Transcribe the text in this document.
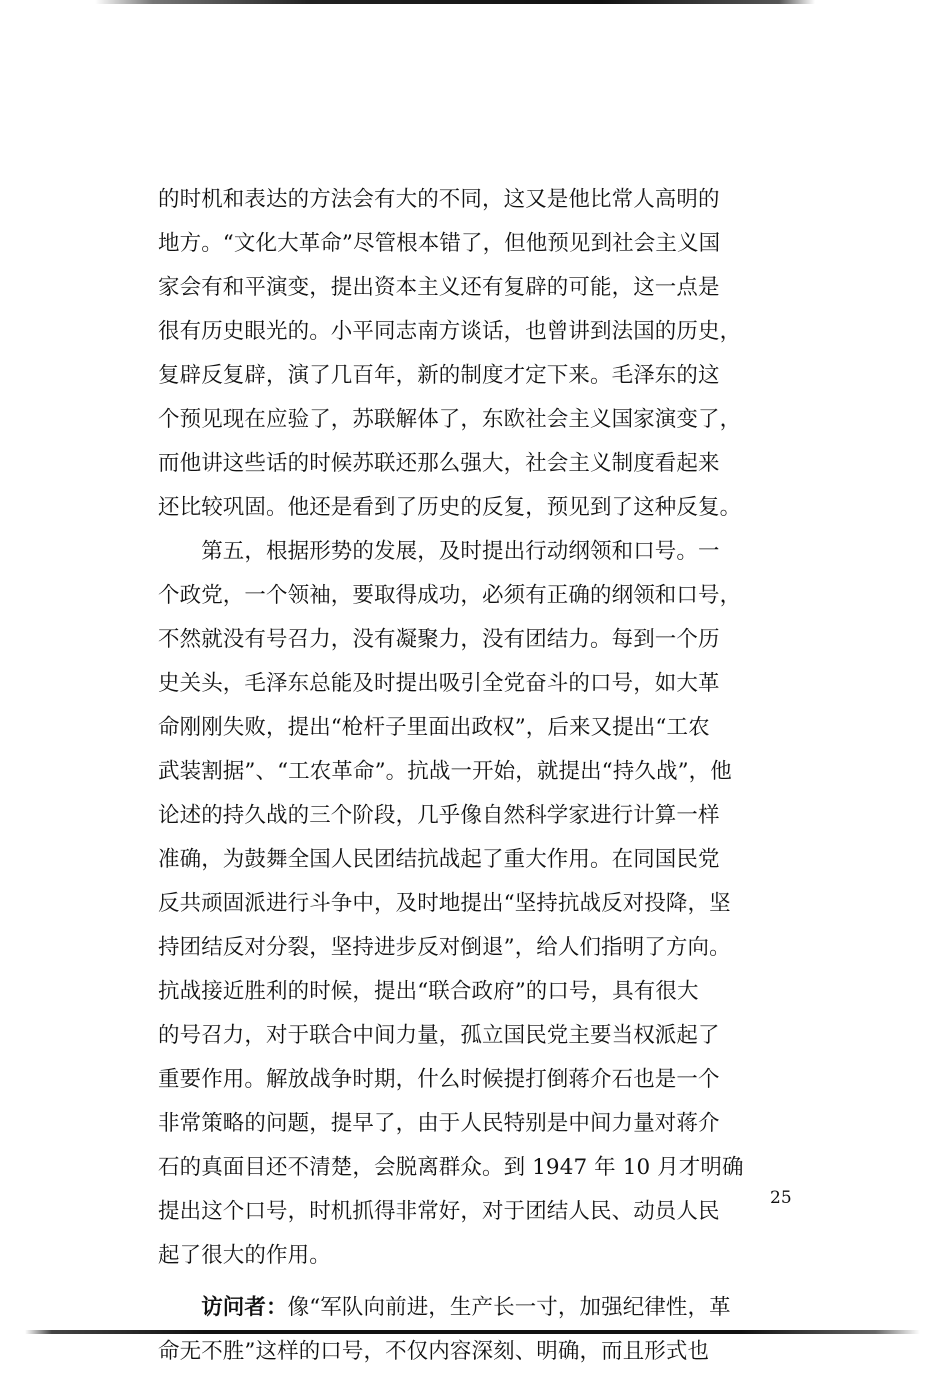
的时机和表达的方法会有大的不同，这又是他比常人高明的
地方。“文化大革命”尽管根本错了，但他预见到社会主义国
家会有和平演变，提出资本主义还有复辟的可能，这一点是
很有历史眼光的。小平同志南方谈话，也曾讲到法国的历史，
复辟反复辟，演了几百年，新的制度才定下来。毛泽东的这
个预见现在应验了，苏联解体了，东欧社会主义国家演变了，
而他讲这些话的时候苏联还那么强大，社会主义制度看起来
还比较巩固。他还是看到了历史的反复，预见到了这种反复。
　　第五，根据形势的发展，及时提出行动纲领和口号。一
个政党，一个领袖，要取得成功，必须有正确的纲领和口号，
不然就没有号召力，没有凝聚力，没有团结力。每到一个历
史关头，毛泽东总能及时提出吸引全党奋斗的口号，如大革
命刚刚失败，提出“枪杆子里面出政权”，后来又提出“工农
武装割据”、“工农革命”。抗战一开始，就提出“持久战”，他
论述的持久战的三个阶段，几乎像自然科学家进行计算一样
准确，为鼓舞全国人民团结抗战起了重大作用。在同国民党
反共顽固派进行斗争中，及时地提出“坚持抗战反对投降，坚
持团结反对分裂，坚持进步反对倒退”，给人们指明了方向。
抗战接近胜利的时候，提出“联合政府”的口号，具有很大
的号召力，对于联合中间力量，孤立国民党主要当权派起了
重要作用。解放战争时期，什么时候提打倒蒋介石也是一个
非常策略的问题，提早了，由于人民特别是中间力量对蒋介
石的真面目还不清楚，会脱离群众。到 1947 年 10 月才明确
提出这个口号，时机抓得非常好，对于团结人民、动员人民
起了很大的作用。
　　访问者：像“军队向前进，生产长一寸，加强纪律性，革
命无不胜”这样的口号，不仅内容深刻、明确，而且形式也
25
